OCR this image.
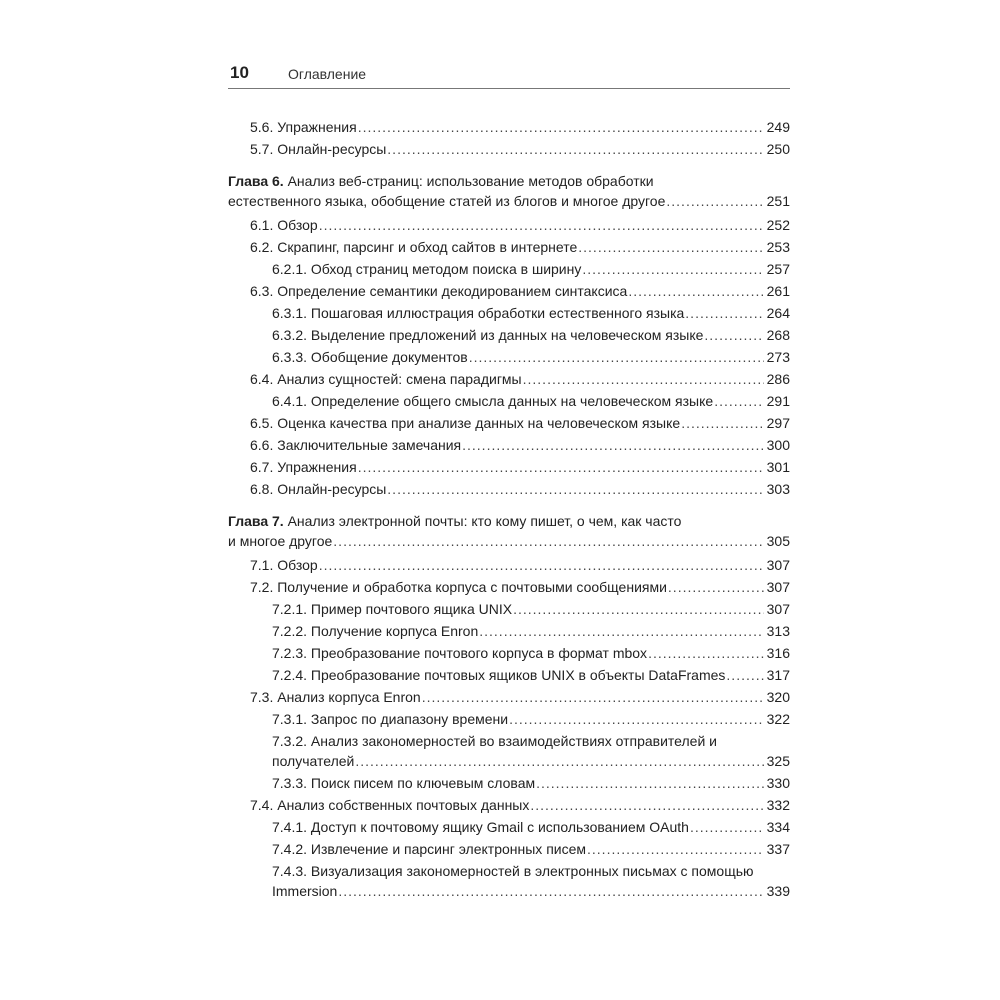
10	Оглавление
5.6. Упражнения .....	249
5.7. Онлайн-ресурсы .....	250
Глава 6. Анализ веб-страниц: использование методов обработки
естественного языка, обобщение статей из блогов и многое другое .....	251
6.1. Обзор .....	252
6.2. Скрапинг, парсинг и обход сайтов в интернете .....	253
6.2.1. Обход страниц методом поиска в ширину .....	257
6.3. Определение семантики декодированием синтаксиса .....	261
6.3.1. Пошаговая иллюстрация обработки естественного языка .....	264
6.3.2. Выделение предложений из данных на человеческом языке .....	268
6.3.3. Обобщение документов .....	273
6.4. Анализ сущностей: смена парадигмы .....	286
6.4.1. Определение общего смысла данных на человеческом языке .....	291
6.5. Оценка качества при анализе данных на человеческом языке .....	297
6.6. Заключительные замечания .....	300
6.7. Упражнения .....	301
6.8. Онлайн-ресурсы .....	303
Глава 7. Анализ электронной почты: кто кому пишет, о чем, как часто
и многое другое .....	305
7.1. Обзор .....	307
7.2. Получение и обработка корпуса с почтовыми сообщениями .....	307
7.2.1. Пример почтового ящика UNIX .....	307
7.2.2. Получение корпуса Enron .....	313
7.2.3. Преобразование почтового корпуса в формат mbox .....	316
7.2.4. Преобразование почтовых ящиков UNIX в объекты DataFrames .....	317
7.3. Анализ корпуса Enron .....	320
7.3.1. Запрос по диапазону времени .....	322
7.3.2. Анализ закономерностей во взаимодействиях отправителей и
получателей .....	325
7.3.3. Поиск писем по ключевым словам .....	330
7.4. Анализ собственных почтовых данных .....	332
7.4.1. Доступ к почтовому ящику Gmail с использованием OAuth .....	334
7.4.2. Извлечение и парсинг электронных писем .....	337
7.4.3. Визуализация закономерностей в электронных письмах с помощью
Immersion .....	339
